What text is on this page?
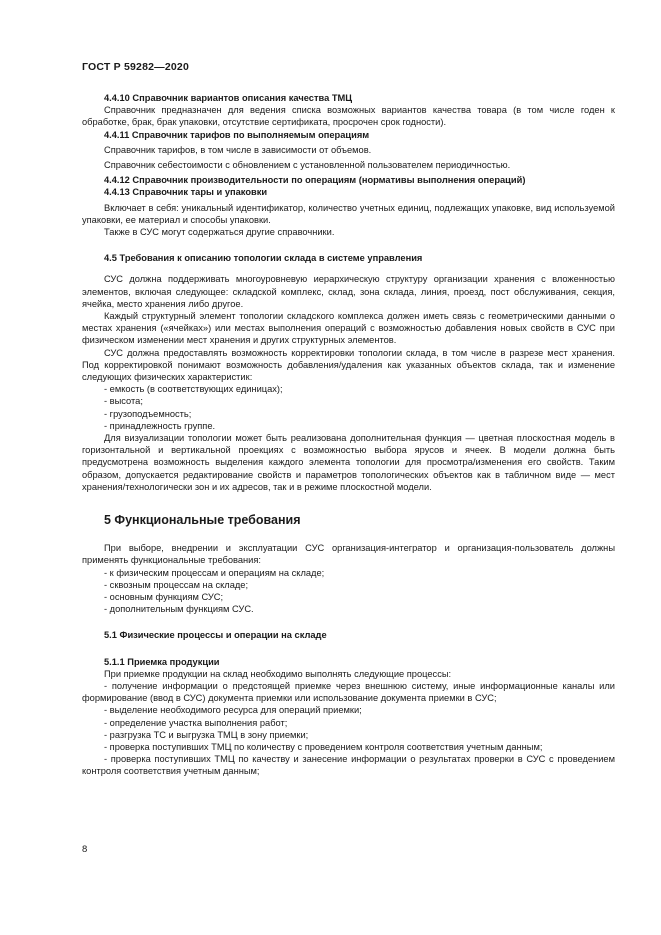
ГОСТ Р 59282—2020

4.4.10 Справочник вариантов описания качества ТМЦ

Справочник предназначен для ведения списка возможных вариантов качества товара (в том числе годен к обработке, брак, брак упаковки, отсутствие сертификата, просрочен срок годности).

4.4.11 Справочник тарифов по выполняемым операциям

Справочник тарифов, в том числе в зависимости от объемов.

Справочник себестоимости с обновлением с установленной пользователем периодичностью.

4.4.12 Справочник производительности по операциям (нормативы выполнения операций)

4.4.13 Справочник тары и упаковки

Включает в себя: уникальный идентификатор, количество учетных единиц, подлежащих упаковке, вид используемой упаковки, ее материал и способы упаковки.

Также в СУС могут содержаться другие справочники.

4.5 Требования к описанию топологии склада в системе управления

СУС должна поддерживать многоуровневую иерархическую структуру организации хранения с вложенностью элементов, включая следующее: складской комплекс, склад, зона склада, линия, проезд, пост обслуживания, секция, ячейка, место хранения либо другое.

Каждый структурный элемент топологии складского комплекса должен иметь связь с геометрическими данными о местах хранения («ячейках») или местах выполнения операций с возможностью добавления новых свойств в СУС при физическом изменении мест хранения и других структурных элементов.

СУС должна предоставлять возможность корректировки топологии склада, в том числе в разрезе мест хранения. Под корректировкой понимают возможность добавления/удаления как указанных объектов склада, так и изменение следующих физических характеристик:

- емкость (в соответствующих единицах);

- высота;

- грузоподъемность;

- принадлежность группе.

Для визуализации топологии может быть реализована дополнительная функция — цветная плоскостная модель в горизонтальной и вертикальной проекциях с возможностью выбора ярусов и ячеек. В модели должна быть предусмотрена возможность выделения каждого элемента топологии для просмотра/изменения его свойств. Таким образом, допускается редактирование свойств и параметров топологических объектов как в табличном виде — мест хранения/технологически зон и их адресов, так и в режиме плоскостной модели.

5 Функциональные требования

При выборе, внедрении и эксплуатации СУС организация-интегратор и организация-пользователь должны применять функциональные требования:

- к физическим процессам и операциям на складе;

- сквозным процессам на складе;

- основным функциям СУС;

- дополнительным функциям СУС.

5.1 Физические процессы и операции на складе

5.1.1 Приемка продукции

При приемке продукции на склад необходимо выполнять следующие процессы:

- получение информации о предстоящей приемке через внешнюю систему, иные информационные каналы или формирование (ввод в СУС) документа приемки или использование документа приемки в СУС;

- выделение необходимого ресурса для операций приемки;

- определение участка выполнения работ;

- разгрузка ТС и выгрузка ТМЦ в зону приемки;

- проверка поступивших ТМЦ по количеству с проведением контроля соответствия учетным данным;

- проверка поступивших ТМЦ по качеству и занесение информации о результатах проверки в СУС с проведением контроля соответствия учетным данным;

8
